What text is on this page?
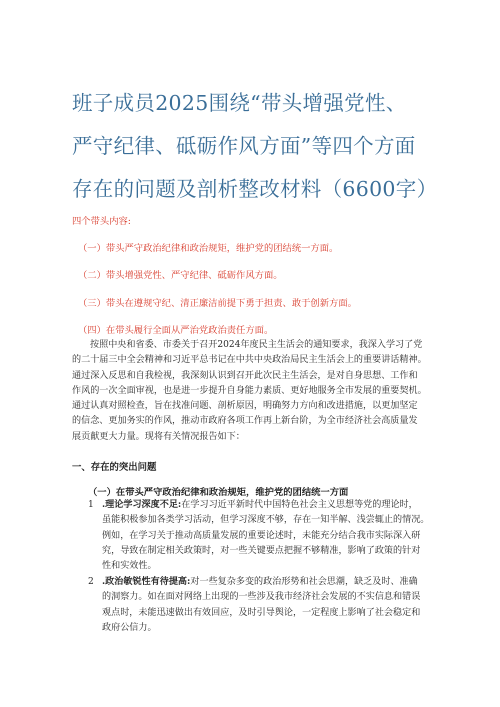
班子成员2025围绕“带头增强党性、
严守纪律、砥砺作风方面”等四个方面
存在的问题及剖析整改材料（6600字）
四个带头内容:
（一）带头严守政治纪律和政治规矩，维护党的团结统一方面。
（二）带头增强党性、严守纪律、砥砺作风方面。
（三）带头在遵规守纪、清正廉洁前提下勇于担责、敢于创新方面。
（四）在带头履行全面从严治党政治责任方面。
按照中央和省委、市委关于召开2024年度民主生活会的通知要求，我深入学习了党
的二十届三中全会精神和习近平总书记在中共中央政治局民主生活会上的重要讲话精神。
通过深入反思和自我检视，我深刻认识到召开此次民主生活会，是对自身思想、工作和
作风的一次全面审视，也是进一步提升自身能力素质、更好地服务全市发展的重要契机。
通过认真对照检查，旨在找准问题、剖析原因，明确努力方向和改进措施，以更加坚定
的信念、更加务实的作风，推动市政府各项工作再上新台阶，为全市经济社会高质量发
展贡献更大力量。现将有关情况报告如下：
一、存在的突出问题
（一）在带头严守政治纪律和政治规矩，维护党的团结统一方面
1 .理论学习深度不足:在学习习近平新时代中国特色社会主义思想等党的理论时，
虽能积极参加各类学习活动，但学习深度不够，存在一知半解、浅尝辄止的情况。
例如，在学习关于推动高质量发展的重要论述时，未能充分结合我市实际深入研
究，导致在制定相关政策时，对一些关键要点把握不够精准，影响了政策的针对
性和实效性。
2 .政治敏锐性有待提高:对一些复杂多变的政治形势和社会思潮，缺乏及时、准确
的洞察力。如在面对网络上出现的一些涉及我市经济社会发展的不实信息和错误
观点时，未能迅速做出有效回应，及时引导舆论，一定程度上影响了社会稳定和
政府公信力。
